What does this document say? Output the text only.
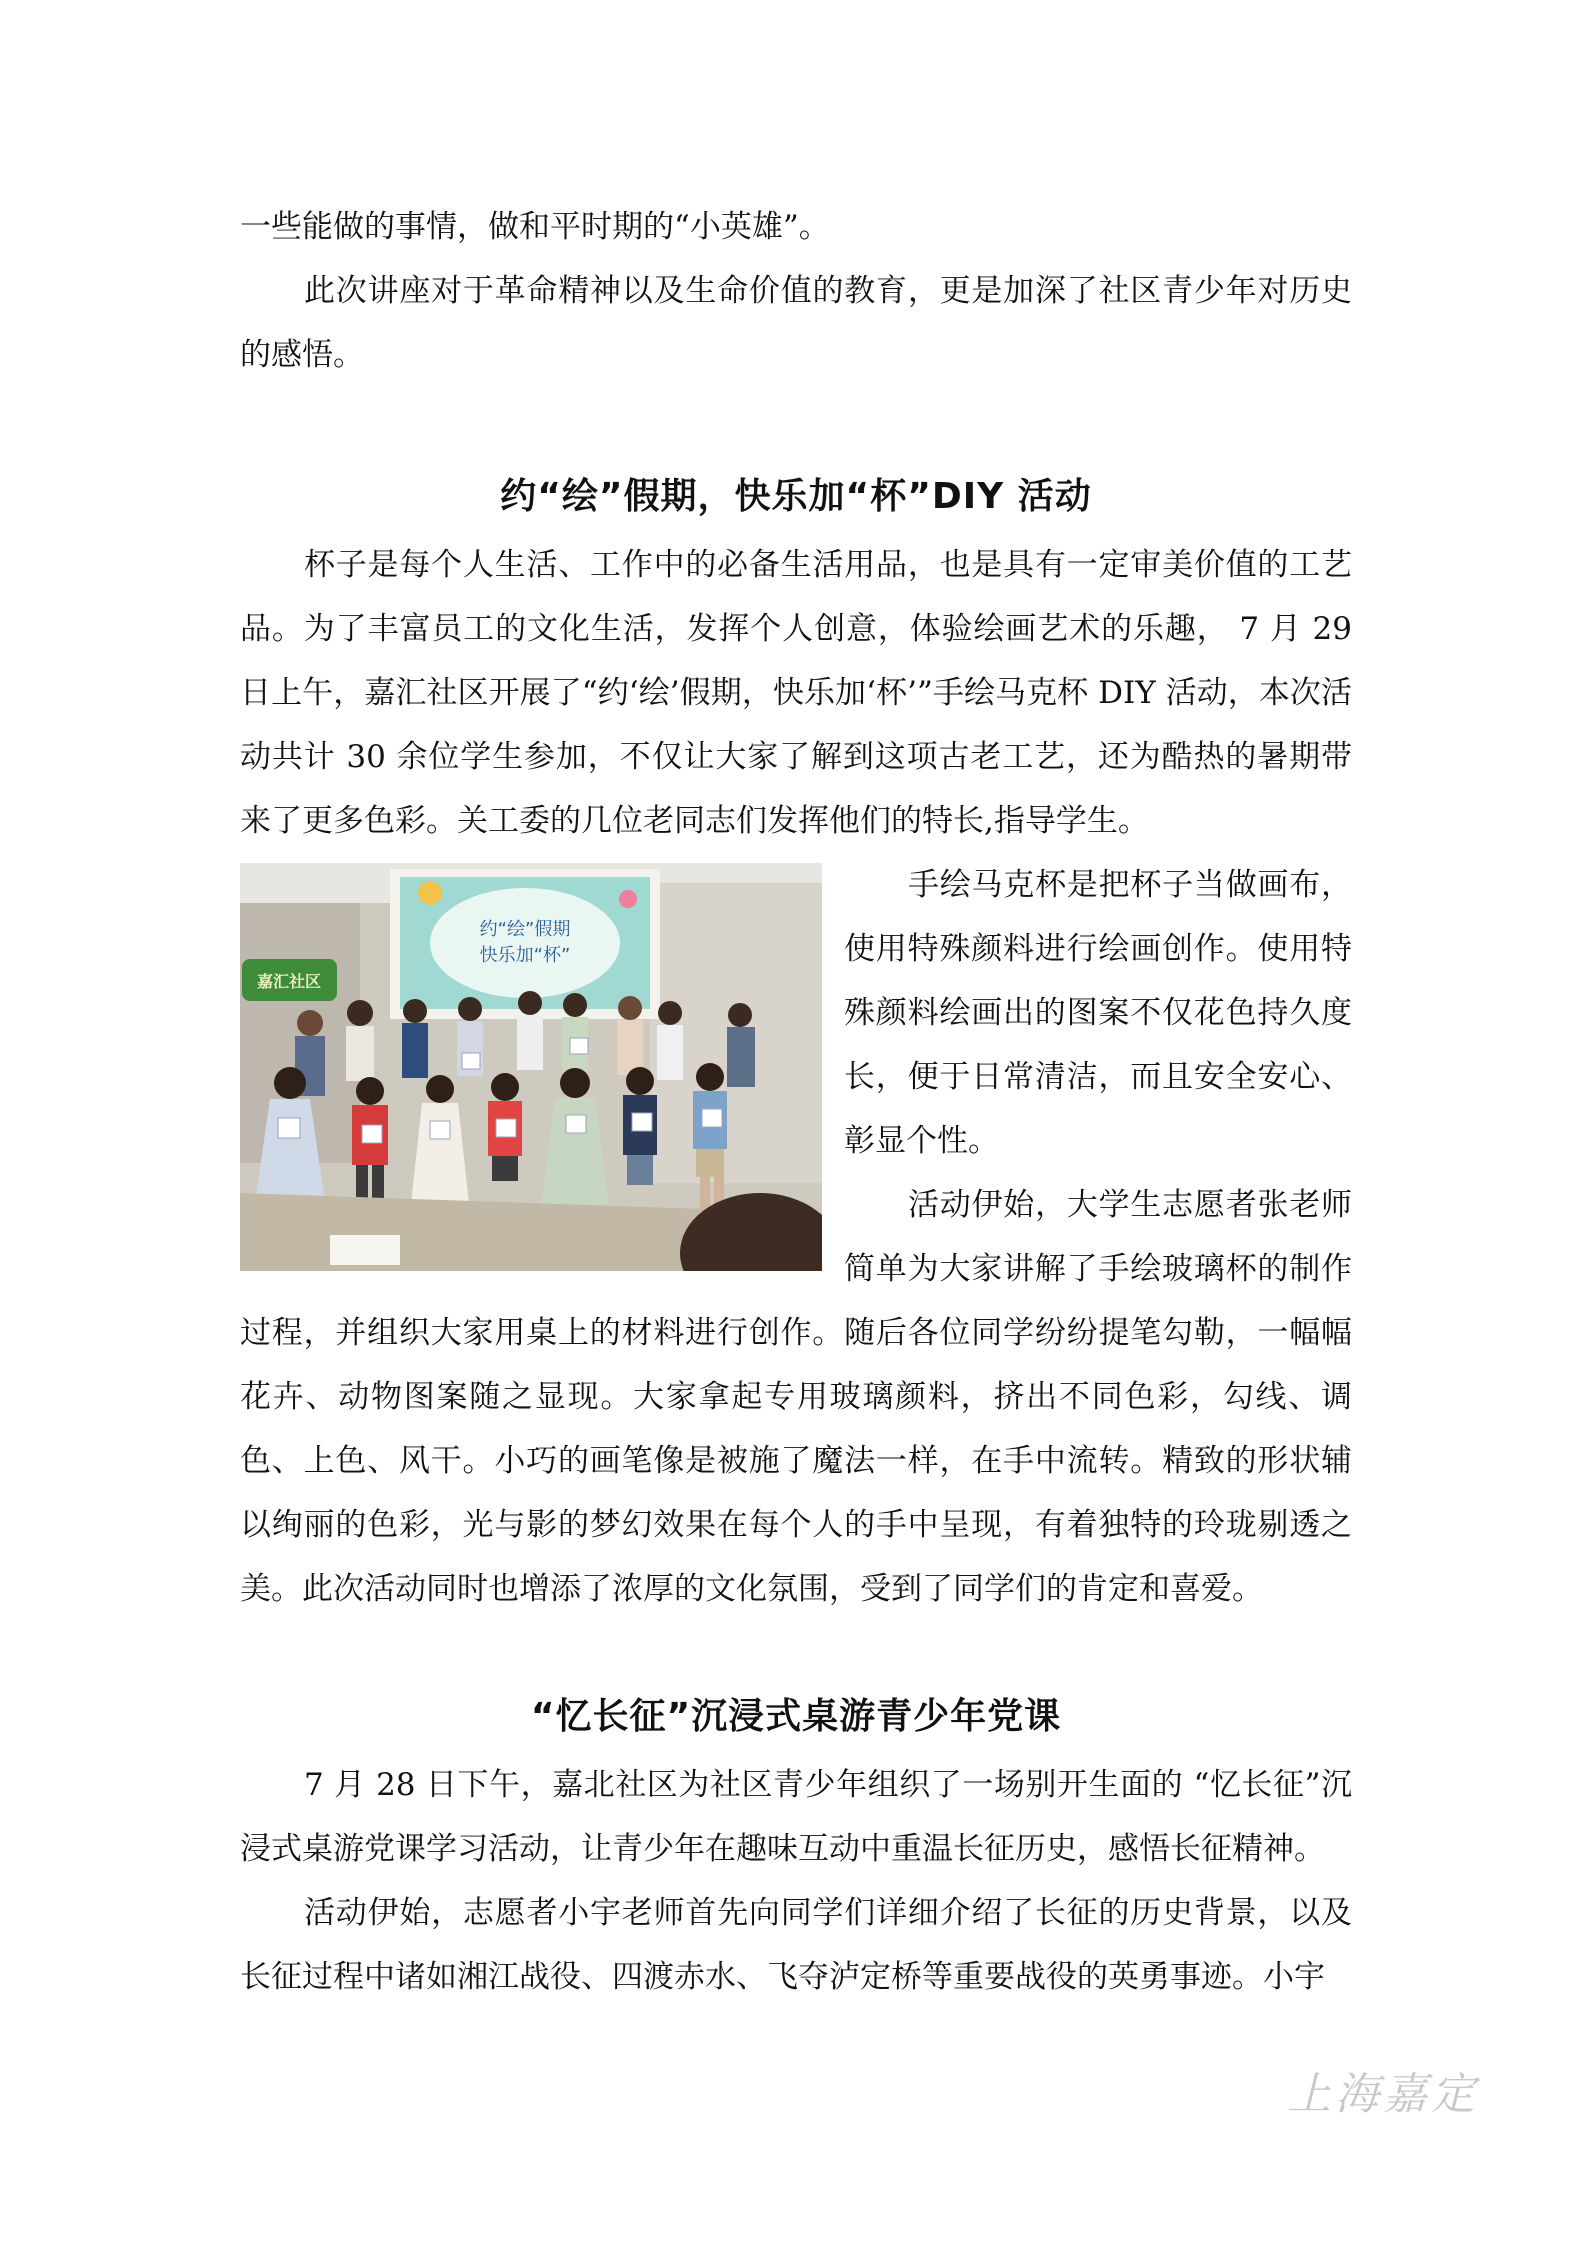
一些能做的事情，做和平时期的“小英雄”。

此次讲座对于革命精神以及生命价值的教育，更是加深了社区青少年对历史的感悟。

约“绘”假期，快乐加“杯”DIY 活动

杯子是每个人生活、工作中的必备生活用品，也是具有一定审美价值的工艺品。为了丰富员工的文化生活，发挥个人创意，体验绘画艺术的乐趣， 7 月 29 日上午，嘉汇社区开展了“约‘绘’假期，快乐加‘杯’”手绘马克杯 DIY 活动，本次活动共计 30 余位学生参加，不仅让大家了解到这项古老工艺，还为酷热的暑期带来了更多色彩。关工委的几位老同志们发挥他们的特长,指导学生。

约“绘”假期
快乐加“杯”
嘉汇社区

手绘马克杯是把杯子当做画布，使用特殊颜料进行绘画创作。使用特殊颜料绘画出的图案不仅花色持久度长，便于日常清洁，而且安全安心、彰显个性。

活动伊始，大学生志愿者张老师简单为大家讲解了手绘玻璃杯的制作过程，并组织大家用桌上的材料进行创作。随后各位同学纷纷提笔勾勒，一幅幅花卉、动物图案随之显现。大家拿起专用玻璃颜料，挤出不同色彩，勾线、调色、上色、风干。小巧的画笔像是被施了魔法一样，在手中流转。精致的形状辅以绚丽的色彩，光与影的梦幻效果在每个人的手中呈现，有着独特的玲珑剔透之美。此次活动同时也增添了浓厚的文化氛围，受到了同学们的肯定和喜爱。

“忆长征”沉浸式桌游青少年党课

7 月 28 日下午，嘉北社区为社区青少年组织了一场别开生面的 “忆长征”沉浸式桌游党课学习活动，让青少年在趣味互动中重温长征历史，感悟长征精神。

活动伊始，志愿者小宇老师首先向同学们详细介绍了长征的历史背景，以及长征过程中诸如湘江战役、四渡赤水、飞夺泸定桥等重要战役的英勇事迹。小宇

上海嘉定
